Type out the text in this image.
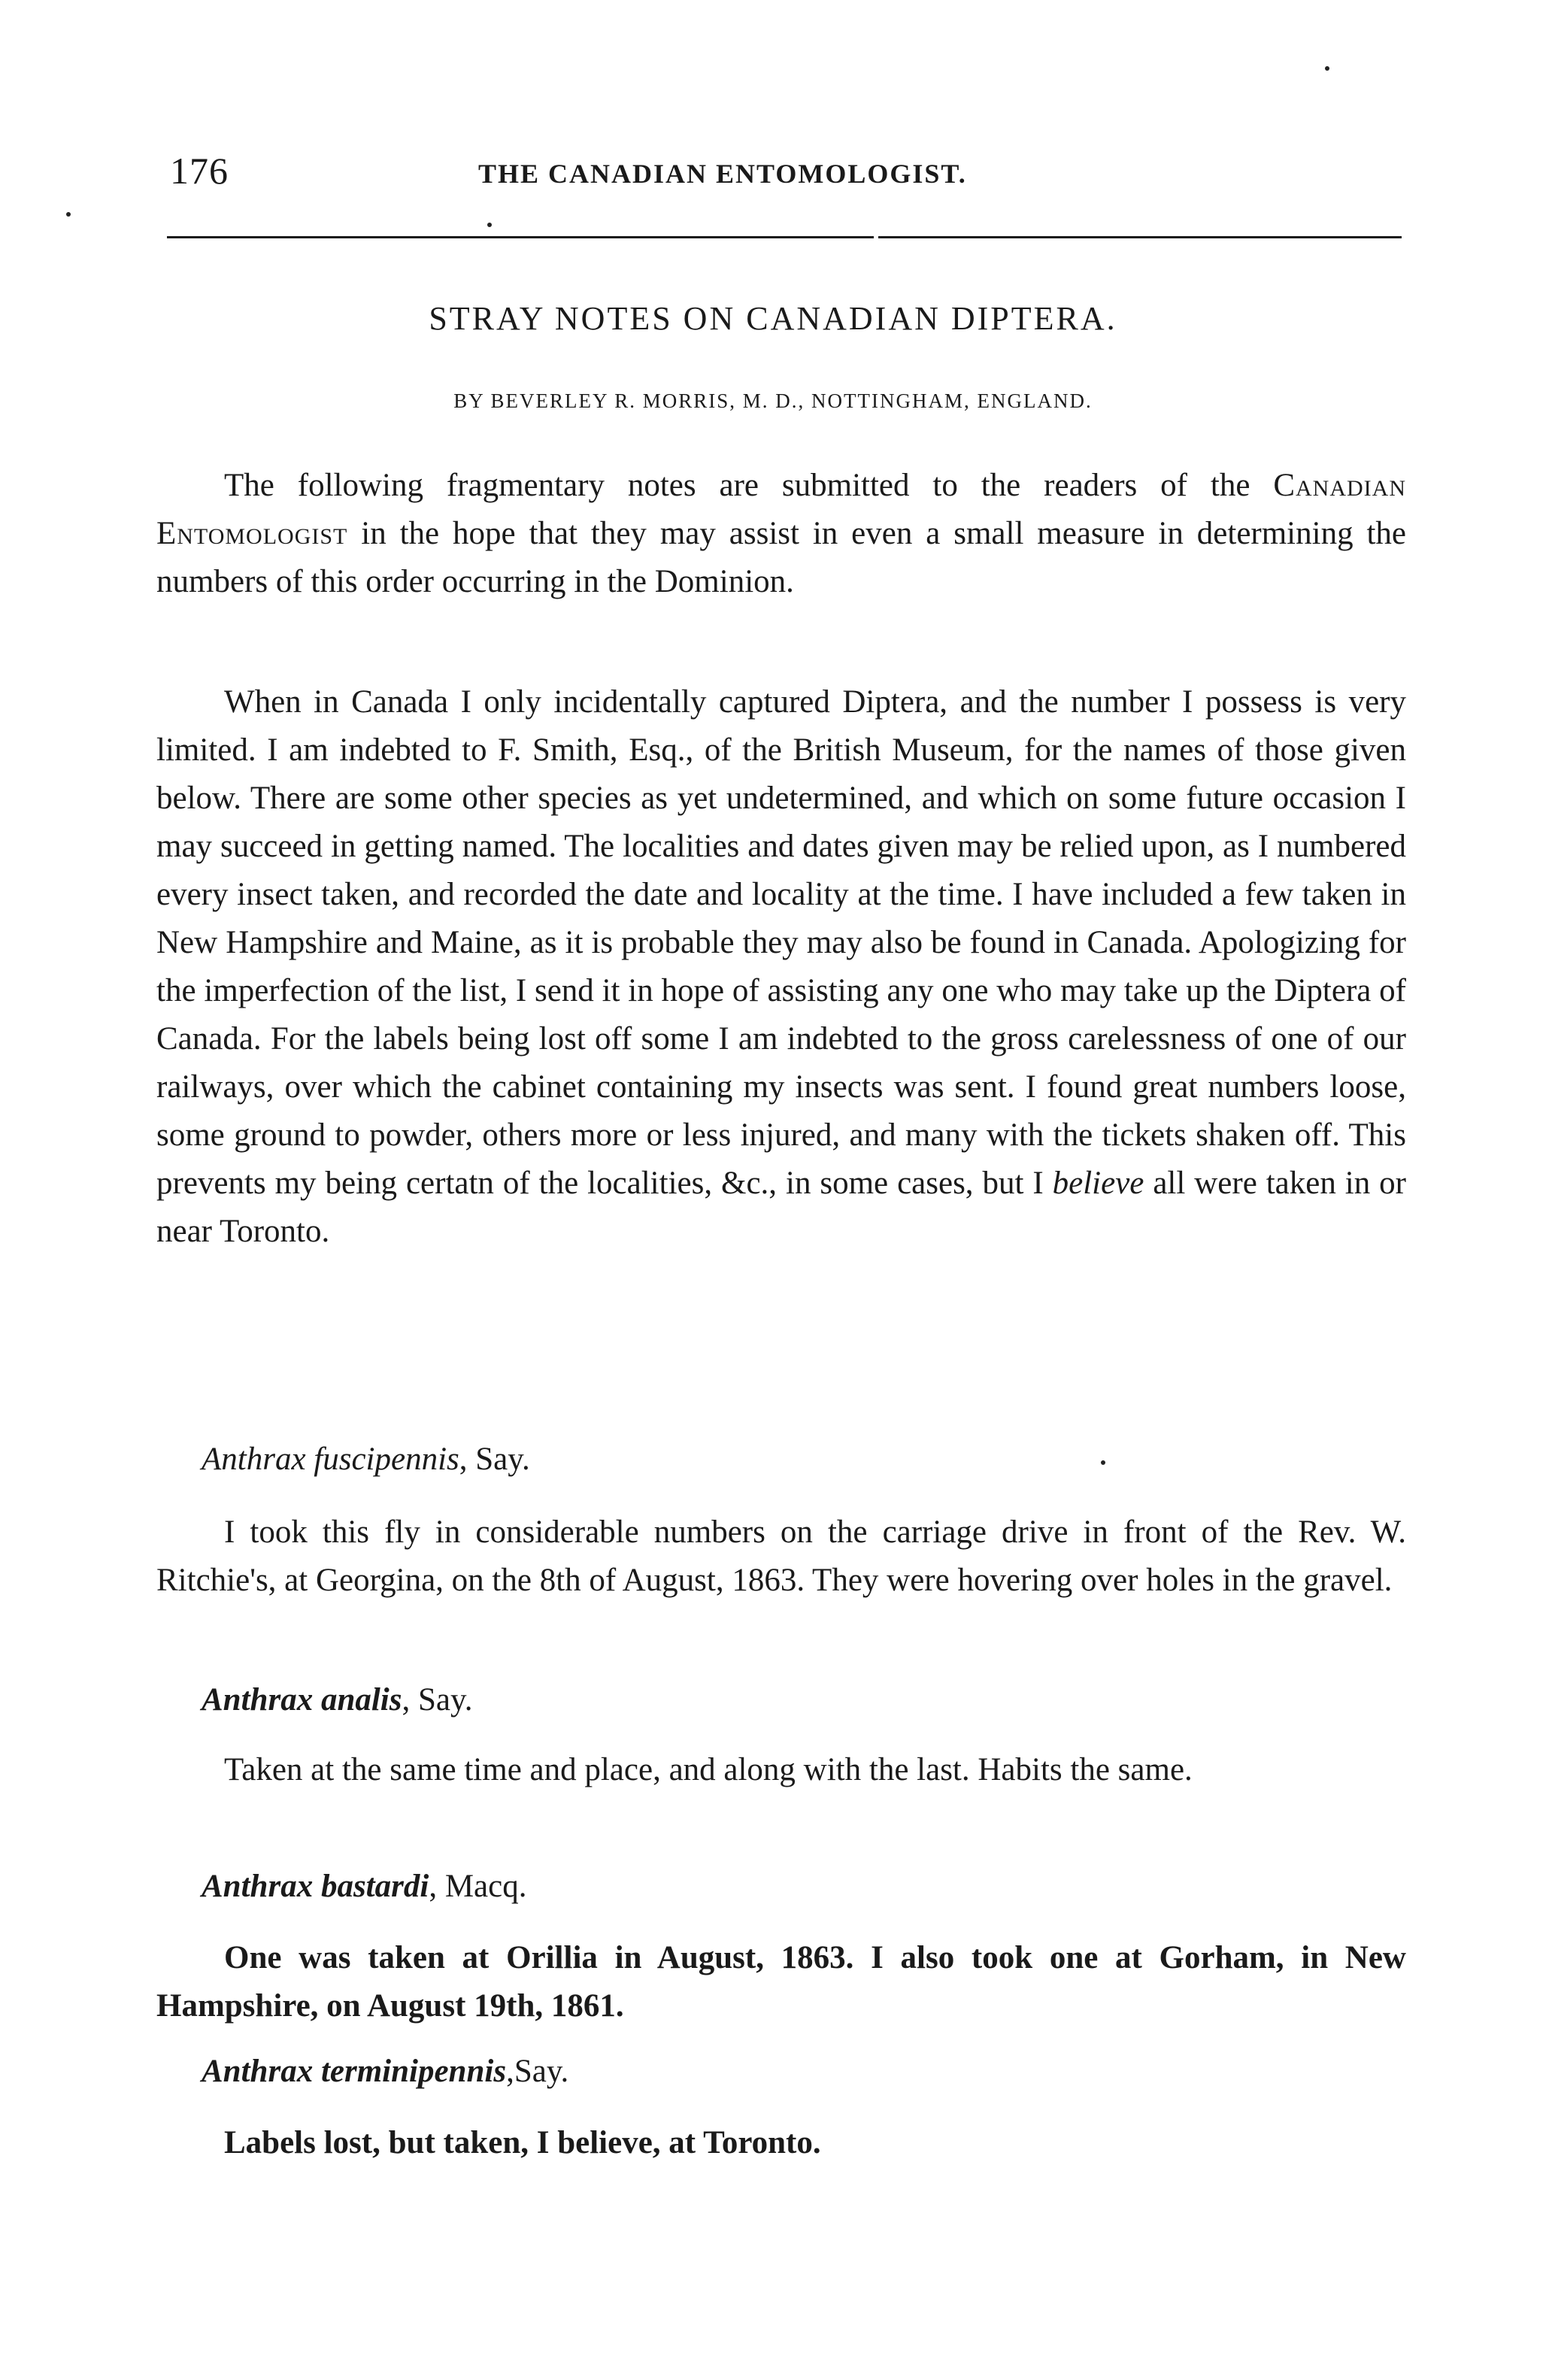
176	THE CANADIAN ENTOMOLOGIST.
STRAY NOTES ON CANADIAN DIPTERA.
BY BEVERLEY R. MORRIS, M. D., NOTTINGHAM, ENGLAND.

The following fragmentary notes are submitted to the readers of the Canadian Entomologist in the hope that they may assist in even a small measure in determining the numbers of this order occurring in the Dominion.

When in Canada I only incidentally captured Diptera, and the number I possess is very limited. I am indebted to F. Smith, Esq., of the British Museum, for the names of those given below. There are some other species as yet undetermined, and which on some future occasion I may succeed in getting named. The localities and dates given may be relied upon, as I numbered every insect taken, and recorded the date and locality at the time. I have included a few taken in New Hampshire and Maine, as it is probable they may also be found in Canada. Apologizing for the imperfection of the list, I send it in hope of assisting any one who may take up the Diptera of Canada. For the labels being lost off some I am indebted to the gross carelessness of one of our railways, over which the cabinet containing my insects was sent. I found great numbers loose, some ground to powder, others more or less injured, and many with the tickets shaken off. This prevents my being certatn of the localities, &c., in some cases, but I believe all were taken in or near Toronto.

Anthrax fuscipennis, Say.

I took this fly in considerable numbers on the carriage drive in front of the Rev. W. Ritchie's, at Georgina, on the 8th of August, 1863. They were hovering over holes in the gravel.

Anthrax analis, Say.

Taken at the same time and place, and along with the last. Habits the same.

Anthrax bastardi, Macq.

One was taken at Orillia in August, 1863. I also took one at Gorham, in New Hampshire, on August 19th, 1861.

Anthrax terminipennis,Say.

Labels lost, but taken, I believe, at Toronto.
